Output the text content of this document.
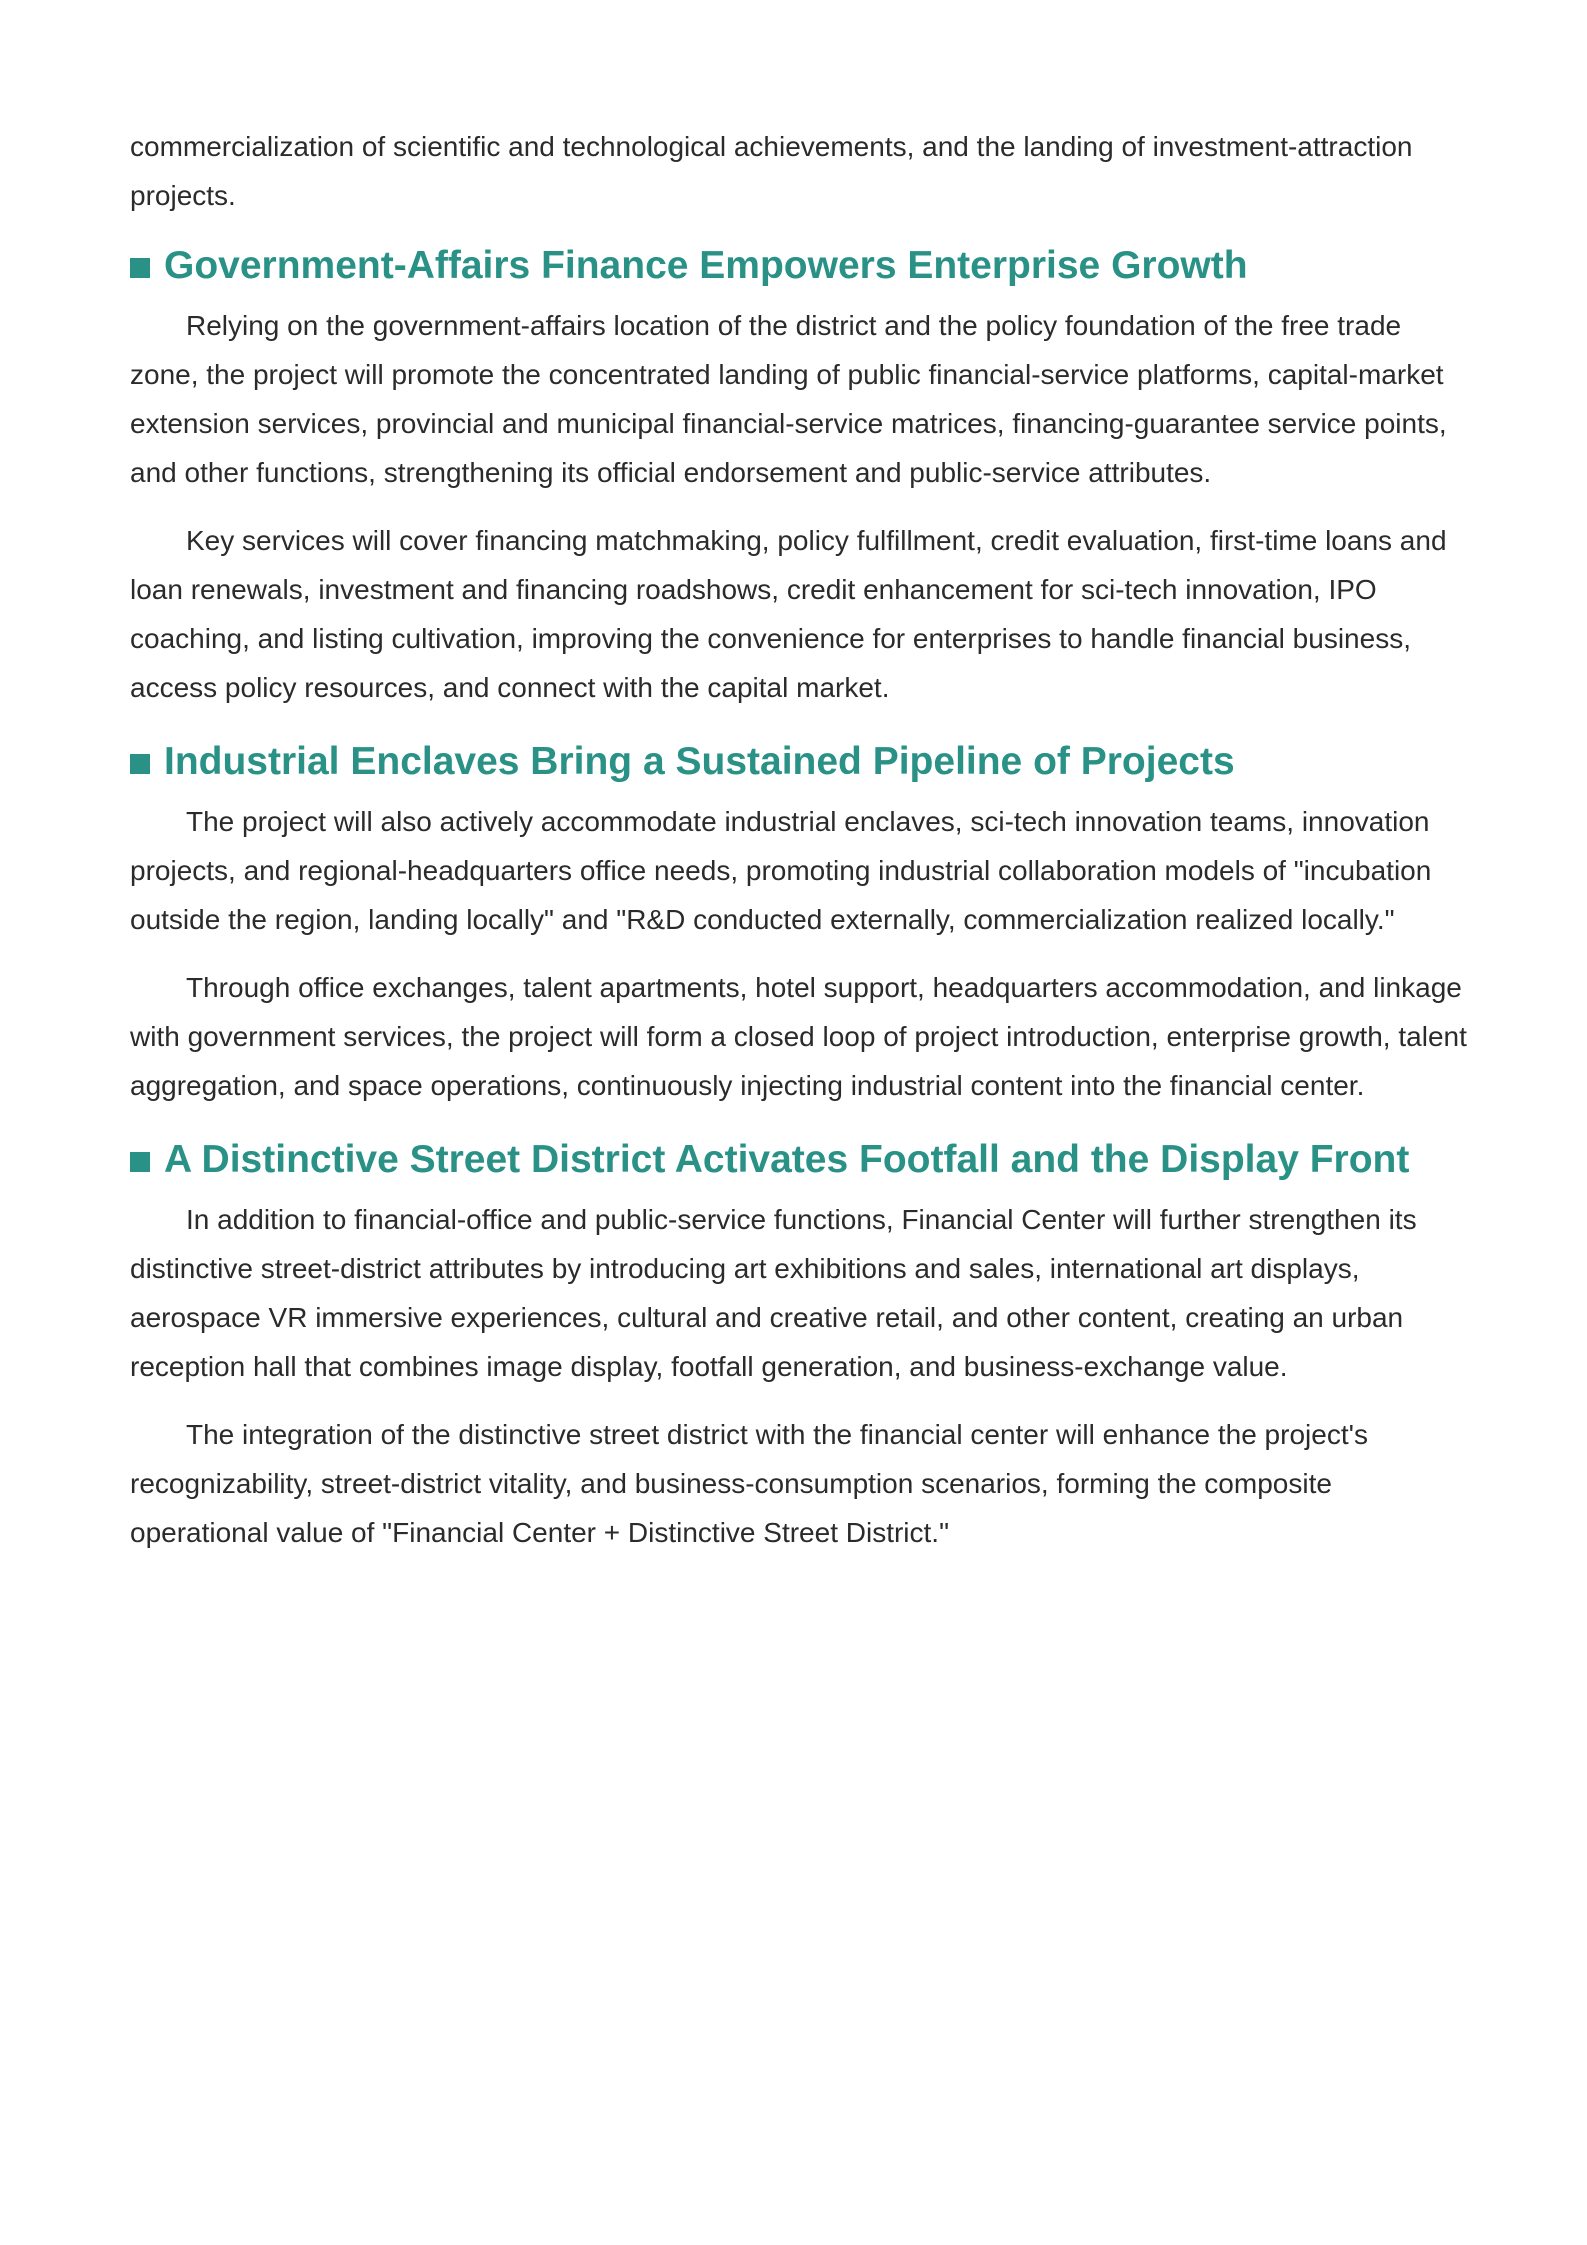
commercialization of scientific and technological achievements, and the landing of investment-attraction projects.

Government-Affairs Finance Empowers Enterprise Growth

Relying on the government-affairs location of the district and the policy foundation of the free trade zone, the project will promote the concentrated landing of public financial-service platforms, capital-market extension services, provincial and municipal financial-service matrices, financing-guarantee service points, and other functions, strengthening its official endorsement and public-service attributes.

Key services will cover financing matchmaking, policy fulfillment, credit evaluation, first-time loans and loan renewals, investment and financing roadshows, credit enhancement for sci-tech innovation, IPO coaching, and listing cultivation, improving the convenience for enterprises to handle financial business, access policy resources, and connect with the capital market.

Industrial Enclaves Bring a Sustained Pipeline of Projects

The project will also actively accommodate industrial enclaves, sci-tech innovation teams, innovation projects, and regional-headquarters office needs, promoting industrial collaboration models of "incubation outside the region, landing locally" and "R&D conducted externally, commercialization realized locally."

Through office exchanges, talent apartments, hotel support, headquarters accommodation, and linkage with government services, the project will form a closed loop of project introduction, enterprise growth, talent aggregation, and space operations, continuously injecting industrial content into the financial center.

A Distinctive Street District Activates Footfall and the Display Front

In addition to financial-office and public-service functions, Financial Center will further strengthen its distinctive street-district attributes by introducing art exhibitions and sales, international art displays, aerospace VR immersive experiences, cultural and creative retail, and other content, creating an urban reception hall that combines image display, footfall generation, and business-exchange value.

The integration of the distinctive street district with the financial center will enhance the project's recognizability, street-district vitality, and business-consumption scenarios, forming the composite operational value of "Financial Center + Distinctive Street District."
